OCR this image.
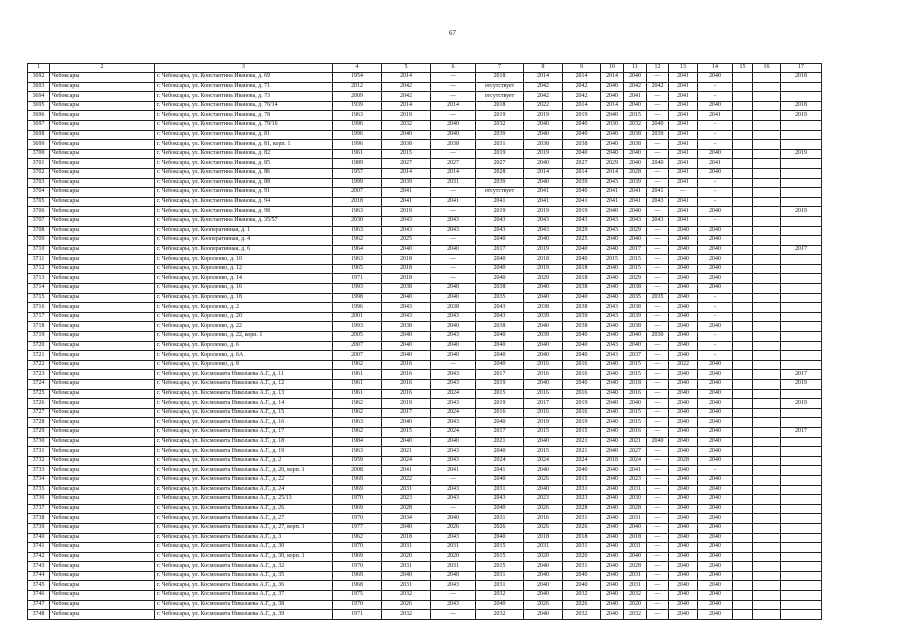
67
1	2	3	4	5	6	7	8	9	10	11	12	13	14	15	16	17
3692	Чебоксары	г. Чебоксары, ул. Константина Иванова, д. 69	1954	2014	—	2018	2014	2014	2014	2040	—	2041	2040			2018
3693	Чебоксары	г. Чебоксары, ул. Константина Иванова, д. 71	2012	2042	—	отсутствует	2042	2042	2040	2042	2042	2041	-			
3694	Чебоксары	г. Чебоксары, ул. Константина Иванова, д. 73	2009	2042	—	отсутствует	2042	2042	2040	2041	—	2041	-			
3695	Чебоксары	г. Чебоксары, ул. Константина Иванова, д. 76/14	1939	2014	2014	2018	2022	2014	2014	2040	—	2041	2040			2018
3696	Чебоксары	г. Чебоксары, ул. Константина Иванова, д. 78	1963	2019	—	2019	2019	2019	2040	2015	—	2041	2041			2019
3697	Чебоксары	г. Чебоксары, ул. Константина Иванова, д. 79/16	1996	2032	2040	2032	2040	2040	2030	2032	2040	2041	-			
3698	Чебоксары	г. Чебоксары, ул. Константина Иванова, д. 81	1996	2040	2040	2039	2040	2040	2040	2038	2039	2041	-			
3699	Чебоксары	г. Чебоксары, ул. Константина Иванова, д. 81, корп. 1	1996	2038	2038	2031	2038	2038	2040	2038	—	2041	-			
3700	Чебоксары	г. Чебоксары, ул. Константина Иванова, д. 82	1961	2015	—	2019	2019	2040	2040	2040	—	2041	2040			2019
3701	Чебоксары	г. Чебоксары, ул. Константина Иванова, д. 85	1989	2027	2027	2027	2040	2027	2029	2040	2040	2041	2041			
3702	Чебоксары	г. Чебоксары, ул. Константина Иванова, д. 86	1957	2014	2014	2028	2014	2014	2014	2028	—	2041	2040			
3703	Чебоксары	г. Чебоксары, ул. Константина Иванова, д. 88	1999	2039	2031	2039	2040	2039	2043	2039	—	2041	-			
3704	Чебоксары	г. Чебоксары, ул. Константина Иванова, д. 91	2007	2041	—	отсутствует	2041	2040	2041	2041	2041	—	-			
3705	Чебоксары	г. Чебоксары, ул. Константина Иванова, д. 94	2018	2041	2041	2041	2041	2041	2041	2041	2043	2041	-			
3706	Чебоксары	г. Чебоксары, ул. Константина Иванова, д. 98	1963	2019	—	2019	2019	2019	2040	2040	—	2041	2040			2019
3707	Чебоксары	г. Чебоксары, ул. Константина Иванова, д. 35/57	2030	2043	2043	2043	2043	2043	2043	2043	2043	2041	-			
3708	Чебоксары	г. Чебоксары, ул. Кооперативная, д. 1	1963	2043	2043	2043	2043	2029	2043	2029	—	2040	2040			
3709	Чебоксары	г. Чебоксары, ул. Кооперативная, д. 4	1962	2025	—	2040	2040	2025	2040	2040	—	2040	2040			
3710	Чебоксары	г. Чебоксары, ул. Кооперативная, д. 6	1964	2040	2040	2017	2019	2040	2040	2017	—	2040	2040			2017
3711	Чебоксары	г. Чебоксары, ул. Короленко, д. 10	1963	2018	—	2040	2018	2040	2015	2015	—	2040	2040			
3712	Чебоксары	г. Чебоксары, ул. Короленко, д. 12	1965	2018	—	2040	2019	2018	2040	2015	—	2040	2040			
3713	Чебоксары	г. Чебоксары, ул. Короленко, д. 14	1971	2018	—	2040	2029	2018	2040	2029	—	2040	2040			
3714	Чебоксары	г. Чебоксары, ул. Короленко, д. 16	1993	2038	2040	2038	2040	2038	2040	2038	—	2040	2040			
3715	Чебоксары	г. Чебоксары, ул. Короленко, д. 18	1998	2040	2040	2035	2040	2040	2040	2035	2035	2040	-			
3716	Чебоксары	г. Чебоксары, ул. Короленко, д. 2	1996	2043	2038	2043	2038	2038	2043	2038	—	2040	-			
3717	Чебоксары	г. Чебоксары, ул. Короленко, д. 20	2001	2043	2043	2043	2039	2039	2043	2039	—	2040	-			
3718	Чебоксары	г. Чебоксары, ул. Короленко, д. 22	1993	2038	2040	2038	2040	2038	2040	2038	—	2040	2040			
3719	Чебоксары	г. Чебоксары, ул. Короленко, д. 22, корп. 1	2005	2040	2043	2040	2039	2040	2040	2040	2030	2040	-			
3720	Чебоксары	г. Чебоксары, ул. Короленко, д. 6	2007	2040	2040	2040	2040	2040	2043	2040	—	2040	-			
3721	Чебоксары	г. Чебоксары, ул. Короленко, д. 6А	2007	2040	2040	2040	2040	2040	2043	2037	—	2040	-			
3722	Чебоксары	г. Чебоксары, ул. Короленко, д. 8	1962	2016	—	2040	2016	2016	2040	2015	—	2022	2040			
3723	Чебоксары	г. Чебоксары, ул. Космонавта Николаева А.Г., д. 11	1961	2016	2043	2017	2016	2016	2040	2015	—	2040	2040			2017
3724	Чебоксары	г. Чебоксары, ул. Космонавта Николаева А.Г., д. 12	1961	2016	2043	2019	2040	2040	2040	2018	—	2040	2040			2019
3725	Чебоксары	г. Чебоксары, ул. Космонавта Николаева А.Г., д. 13	1961	2016	2024	2015	2016	2016	2040	2016	—	2040	2040			
3726	Чебоксары	г. Чебоксары, ул. Космонавта Николаева А.Г., д. 14	1962	2019	2043	2019	2017	2019	2040	2040	—	2040	2040			2019
3727	Чебоксары	г. Чебоксары, ул. Космонавта Николаева А.Г., д. 15	1962	2017	2024	2016	2016	2016	2040	2015	—	2040	2040			
3728	Чебоксары	г. Чебоксары, ул. Космонавта Николаева А.Г., д. 16	1963	2040	2043	2040	2019	2019	2040	2015	—	2040	2040			
3729	Чебоксары	г. Чебоксары, ул. Космонавта Николаева А.Г., д. 17	1962	2015	2024	2017	2015	2015	2040	2016	—	2040	2040			2017
3730	Чебоксары	г. Чебоксары, ул. Космонавта Николаева А.Г., д. 18	1984	2040	2040	2021	2040	2021	2040	2021	2040	2040	2040			
3731	Чебоксары	г. Чебоксары, ул. Космонавта Николаева А.Г., д. 19	1963	2021	2043	2040	2015	2021	2040	2027	—	2040	2040			
3732	Чебоксары	г. Чебоксары, ул. Космонавта Николаева А.Г., д. 2	1959	2024	2043	2024	2024	2024	2018	2024	—	2028	2040			
3733	Чебоксары	г. Чебоксары, ул. Космонавта Николаева А.Г., д. 20, корп. 1	2008	2041	2041	2041	2040	2040	2040	2041	—	2040	-			
3734	Чебоксары	г. Чебоксары, ул. Космонавта Николаева А.Г., д. 22	1969	2022	—	2040	2026	2015	2040	2023	—	2040	2040			
3735	Чебоксары	г. Чебоксары, ул. Космонавта Николаева А.Г., д. 24	1969	2031	2043	2031	2040	2031	2040	2031	—	2040	2040			
3736	Чебоксары	г. Чебоксары, ул. Космонавта Николаева А.Г., д. 25/13	1970	2023	2043	2043	2023	2023	2040	2030	—	2040	2040			
3737	Чебоксары	г. Чебоксары, ул. Космонавта Николаева А.Г., д. 26	1969	2028	—	2040	2026	2028	2040	2028	—	2040	2040			
3738	Чебоксары	г. Чебоксары, ул. Космонавта Николаева А.Г., д. 27	1970	2034	2040	2031	2016	2031	2040	2031	—	2040	2040			
3739	Чебоксары	г. Чебоксары, ул. Космонавта Николаева А.Г., д. 27, корп. 1	1977	2040	2026	2026	2026	2026	2040	2040	—	2040	2040			
3740	Чебоксары	г. Чебоксары, ул. Космонавта Николаева А.Г., д. 3	1962	2018	2043	2040	2018	2018	2040	2018	—	2040	2040			
3741	Чебоксары	г. Чебоксары, ул. Космонавта Николаева А.Г., д. 30	1970	2031	2031	2015	2031	2031	2040	2031	—	2040	2040			
3742	Чебоксары	г. Чебоксары, ул. Космонавта Николаева А.Г., д. 30, корп. 1	1969	2020	2020	2015	2020	2020	2040	2040	—	2040	2040			
3743	Чебоксары	г. Чебоксары, ул. Космонавта Николаева А.Г., д. 32	1970	2031	2031	2015	2040	2031	2040	2028	—	2040	2040			
3744	Чебоксары	г. Чебоксары, ул. Космонавта Николаева А.Г., д. 35	1969	2040	2040	2031	2040	2040	2040	2031	—	2040	2040			
3745	Чебоксары	г. Чебоксары, ул. Космонавта Николаева А.Г., д. 36	1968	2031	2043	2031	2040	2040	2040	2031	—	2040	2040			
3746	Чебоксары	г. Чебоксары, ул. Космонавта Николаева А.Г., д. 37	1975	2032	—	2032	2040	2032	2040	2032	—	2040	2040			
3747	Чебоксары	г. Чебоксары, ул. Космонавта Николаева А.Г., д. 38	1970	2026	2043	2040	2026	2026	2040	2020	—	2040	2040			
3748	Чебоксары	г. Чебоксары, ул. Космонавта Николаева А.Г., д. 39	1971	2032	—	2032	2040	2032	2040	2032	—	2040	2040			
